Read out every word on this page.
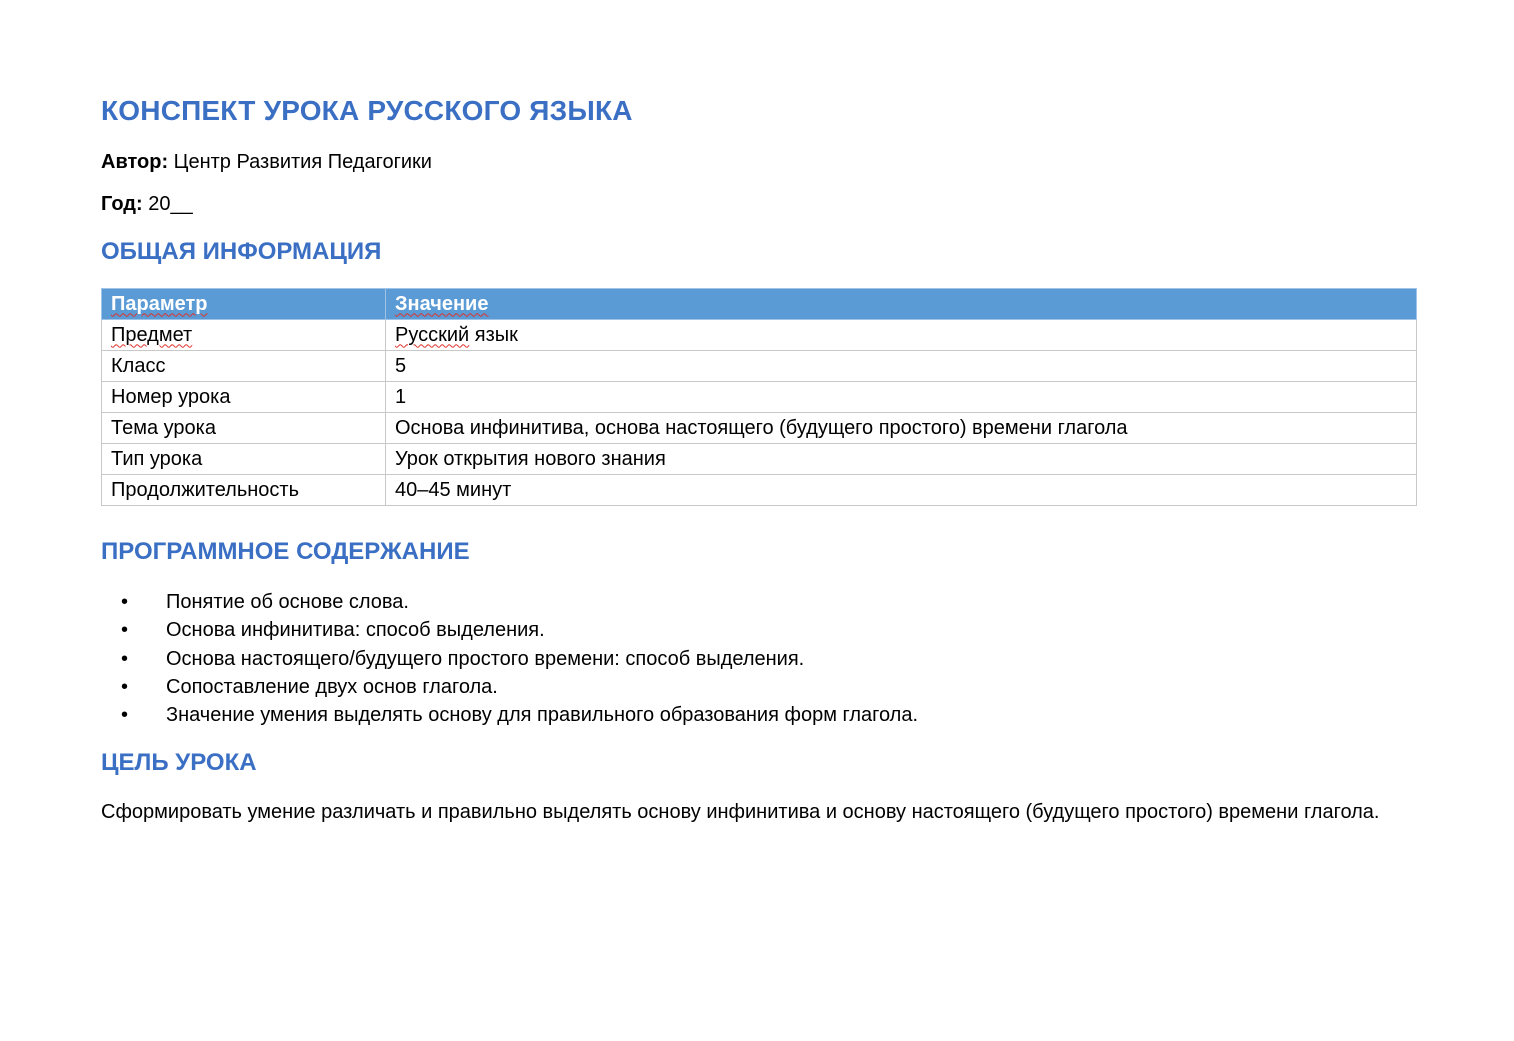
КОНСПЕКТ УРОКА РУССКОГО ЯЗЫКА
Автор: Центр Развития Педагогики
Год: 20__
ОБЩАЯ ИНФОРМАЦИЯ
Параметр	Значение
Предмет	Русский язык
Класс	5
Номер урока	1
Тема урока	Основа инфинитива, основа настоящего (будущего простого) времени глагола
Тип урока	Урок открытия нового знания
Продолжительность	40–45 минут
ПРОГРАММНОЕ СОДЕРЖАНИЕ
• Понятие об основе слова.
• Основа инфинитива: способ выделения.
• Основа настоящего/будущего простого времени: способ выделения.
• Сопоставление двух основ глагола.
• Значение умения выделять основу для правильного образования форм глагола.
ЦЕЛЬ УРОКА

Сформировать умение различать и правильно выделять основу инфинитива и основу настоящего (будущего простого) времени глагола.
